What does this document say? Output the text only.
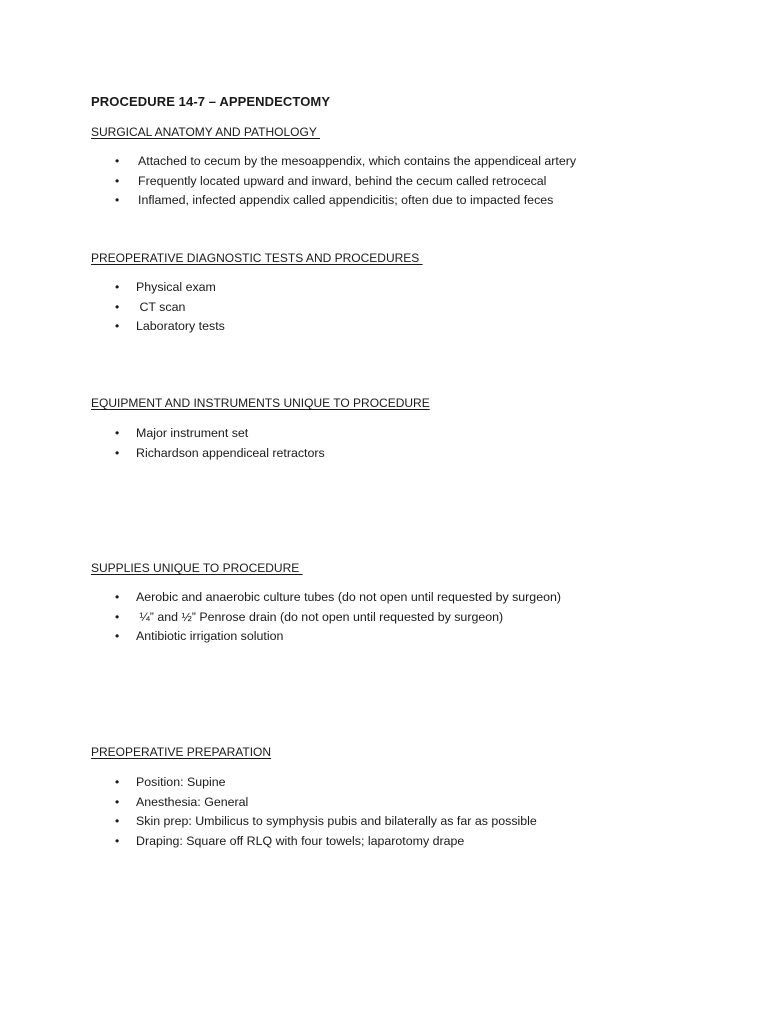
PROCEDURE 14-7 – APPENDECTOMY
SURGICAL ANATOMY AND PATHOLOGY
• Attached to cecum by the mesoappendix, which contains the appendiceal artery
• Frequently located upward and inward, behind the cecum called retrocecal
• Inflamed, infected appendix called appendicitis; often due to impacted feces
PREOPERATIVE DIAGNOSTIC TESTS AND PROCEDURES
• Physical exam
• CT scan
• Laboratory tests
EQUIPMENT AND INSTRUMENTS UNIQUE TO PROCEDURE
• Major instrument set
• Richardson appendiceal retractors
SUPPLIES UNIQUE TO PROCEDURE
• Aerobic and anaerobic culture tubes (do not open until requested by surgeon)
• ¼” and ½” Penrose drain (do not open until requested by surgeon)
• Antibiotic irrigation solution
PREOPERATIVE PREPARATION
• Position: Supine
• Anesthesia: General
• Skin prep: Umbilicus to symphysis pubis and bilaterally as far as possible
• Draping: Square off RLQ with four towels; laparotomy drape
